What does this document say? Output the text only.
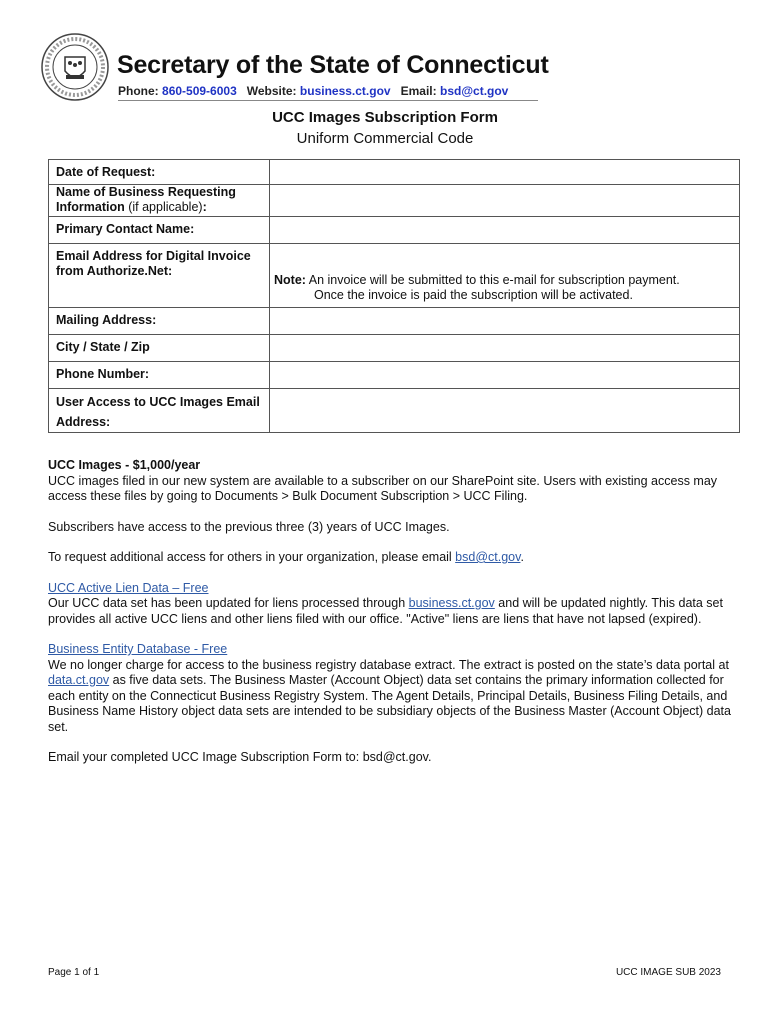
Secretary of the State of Connecticut
Phone: 860-509-6003 Website: business.ct.gov Email: bsd@ct.gov
UCC Images Subscription Form
Uniform Commercial Code
Date of Request:	
Name of Business Requesting Information (if applicable):	
Primary Contact Name:	
Email Address for Digital Invoice from Authorize.Net:	Note: An invoice will be submitted to this e-mail for subscription payment.
Once the invoice is paid the subscription will be activated.

Mailing Address:	
City / State / Zip	
Phone Number:	
User Access to UCC Images Email Address:	

UCC Images - $1,000/year

UCC images filed in our new system are available to a subscriber on our SharePoint site. Users with existing access may access these files by going to Documents > Bulk Document Subscription > UCC Filing.

Subscribers have access to the previous three (3) years of UCC Images.

To request additional access for others in your organization, please email bsd@ct.gov.

UCC Active Lien Data – Free

Our UCC data set has been updated for liens processed through business.ct.gov and will be updated nightly. This data set provides all active UCC liens and other liens filed with our office. "Active" liens are liens that have not lapsed (expired).

Business Entity Database - Free

We no longer charge for access to the business registry database extract. The extract is posted on the state’s data portal at data.ct.gov as five data sets. The Business Master (Account Object) data set contains the primary information collected for each entity on the Connecticut Business Registry System. The Agent Details, Principal Details, Business Filing Details, and Business Name History object data sets are intended to be subsidiary objects of the Business Master (Account Object) data set.

Email your completed UCC Image Subscription Form to: bsd@ct.gov.

Page 1 of 1	UCC IMAGE SUB 2023
